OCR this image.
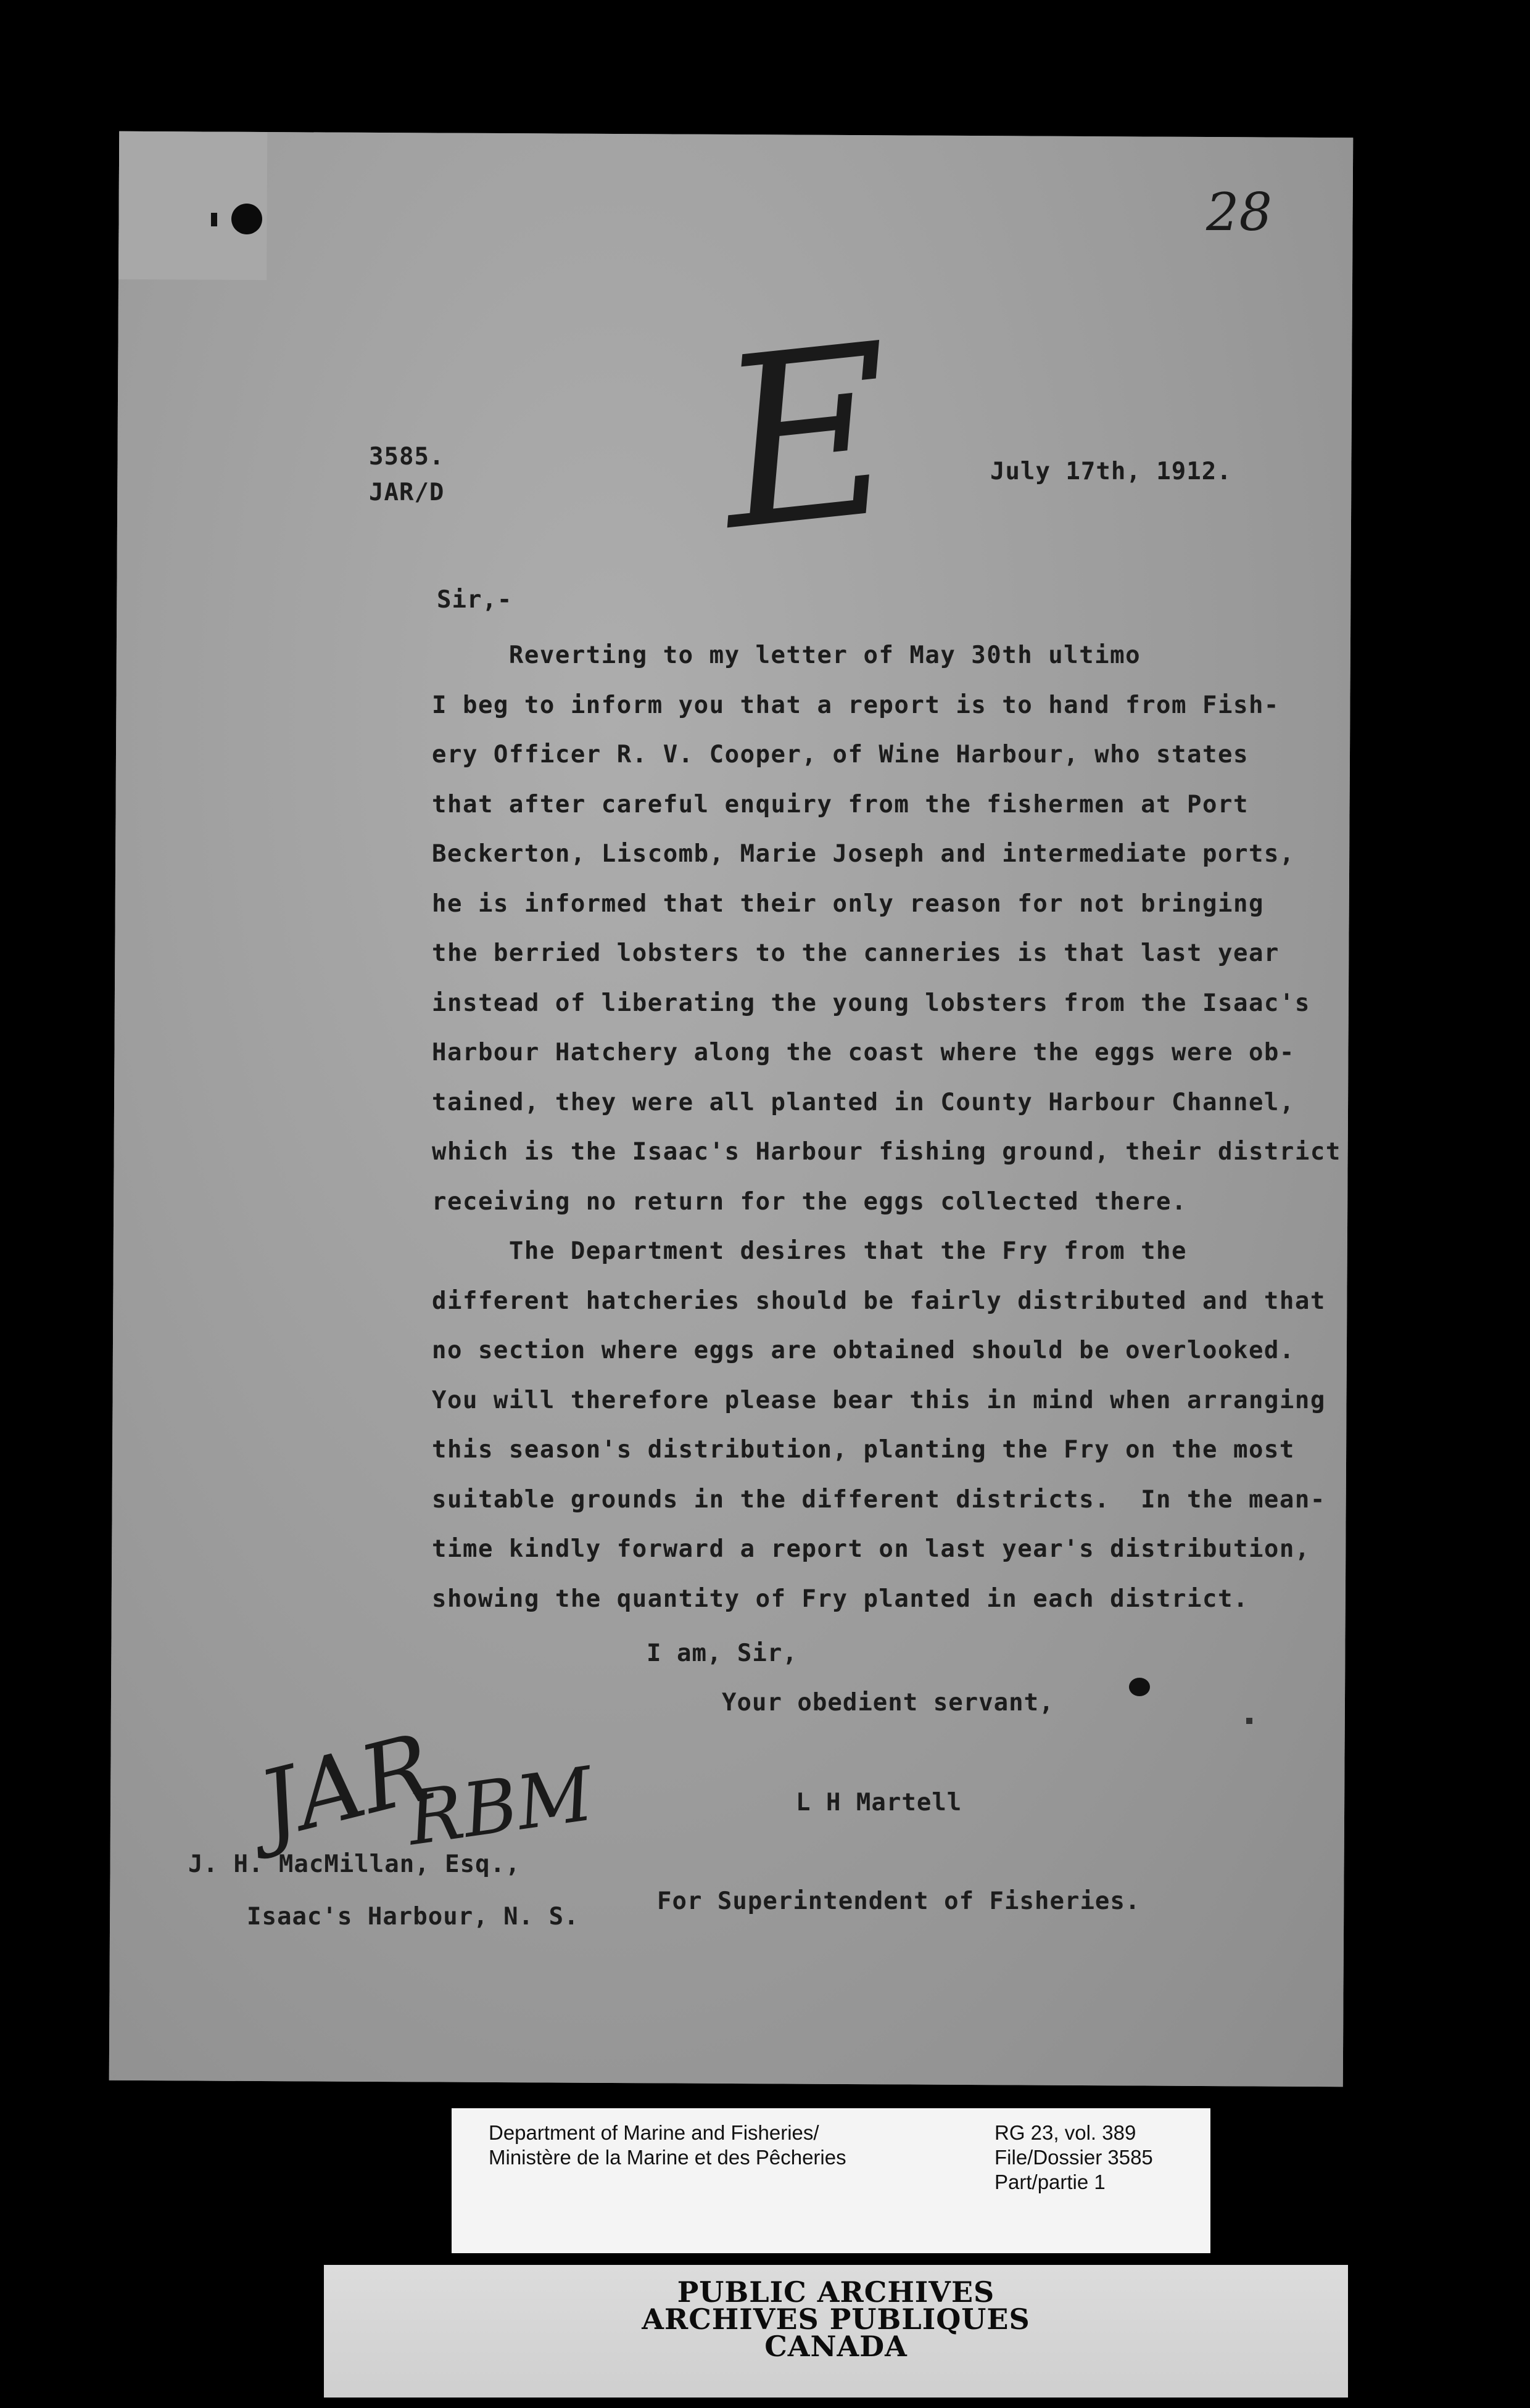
28
E
3585.
JAR/D
July 17th, 1912.
Sir,-
Reverting to my letter of May 30th ultimo
I beg to inform you that a report is to hand from Fish-
ery Officer R. V. Cooper, of Wine Harbour, who states
that after careful enquiry from the fishermen at Port
Beckerton, Liscomb, Marie Joseph and intermediate ports,
he is informed that their only reason for not bringing
the berried lobsters to the canneries is that last year
instead of liberating the young lobsters from the Isaac's
Harbour Hatchery along the coast where the eggs were ob-
tained, they were all planted in County Harbour Channel,
which is the Isaac's Harbour fishing ground, their district
receiving no return for the eggs collected there.
The Department desires that the Fry from the
different hatcheries should be fairly distributed and that
no section where eggs are obtained should be overlooked.
You will therefore please bear this in mind when arranging
this season's distribution, planting the Fry on the most
suitable grounds in the different districts.  In the mean-
time kindly forward a report on last year's distribution,
showing the quantity of Fry planted in each district.
I am, Sir,
Your obedient servant,
JAR
RBM	L H Martell
J. H. MacMillan, Esq.,
Isaac's Harbour, N. S.
For Superintendent of Fisheries.
Department of Marine and Fisheries/
Ministère de la Marine et des Pêcheries
RG 23, vol. 389
File/Dossier 3585
Part/partie 1
PUBLIC ARCHIVES
ARCHIVES PUBLIQUES
CANADA
